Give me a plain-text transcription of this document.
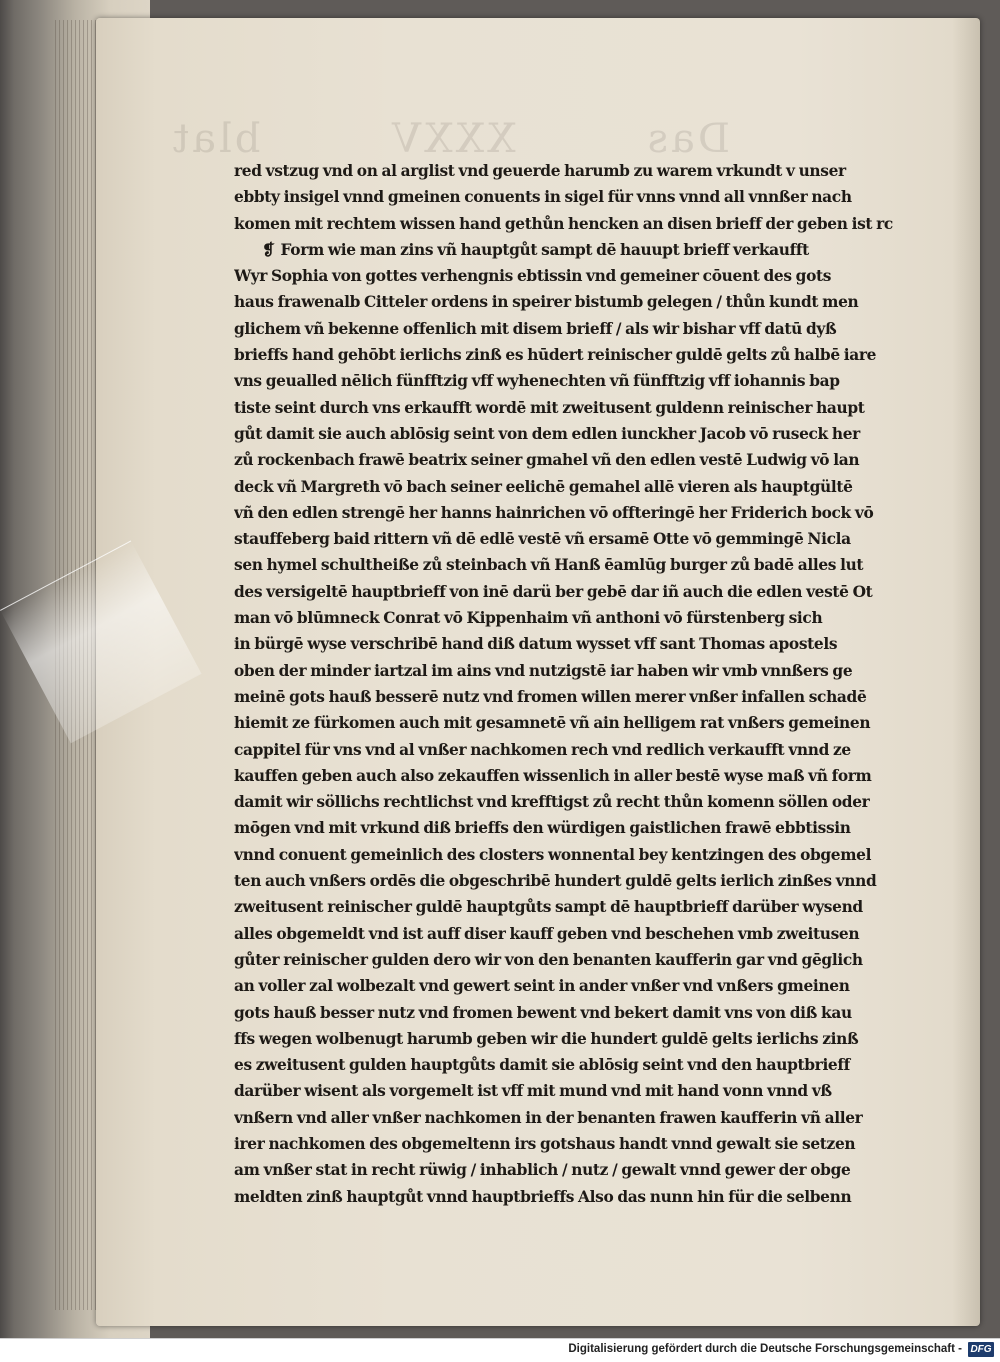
Das
XXXV
blat
red vstzug vnd on al arglist vnd geuerde harumb zu warem vrkundt v unser
ebbty insigel vnnd gmeinen conuents in sigel für vnns vnnd all vnnßer nach
komen mit rechtem wissen hand gethůn hencken an disen brieff der geben ist rc
❡ Form wie man zins vñ hauptgůt sampt dē hauupt brieff verkaufft
Wyr Sophia von gottes verhengnis ebtissin vnd gemeiner cōuent des gots
haus frawenalb Citteler ordens in speirer bistumb gelegen / thůn kundt men
glichem vñ bekenne offenlich mit disem brieff / als wir bishar vff datū dyß
brieffs hand gehōbt ierlichs zinß es hūdert reinischer guldē gelts zů halbē iare
vns geualled nēlich fünfftzig vff wyhenechten vñ fünfftzig vff iohannis bap
tiste seint durch vns erkaufft wordē mit zweitusent guldenn reinischer haupt
gůt damit sie auch ablōsig seint von dem edlen iunckher Jacob vō ruseck her
zů rockenbach frawē beatrix seiner gmahel vñ den edlen vestē Ludwig vō lan
deck vñ Margreth vō bach seiner eelichē gemahel allē vieren als hauptgültē
vñ den edlen strengē her hanns hainrichen vō offteringē her Friderich bock vō
stauffeberg baid rittern vñ dē edlē vestē vñ ersamē Otte vō gemmingē Nicla
sen hymel schultheiße zů steinbach vñ Hanß ēamlūg burger zů badē alles lut
des versigeltē hauptbrieff von inē darü ber gebē dar iñ auch die edlen vestē Ot
man vō blūmneck Conrat vō Kippenhaim vñ anthoni vō fürstenberg sich
in bürgē wyse verschribē hand diß datum wysset vff sant Thomas apostels
oben der minder iartzal im ains vnd nutzigstē iar haben wir vmb vnnßers ge
meinē gots hauß besserē nutz vnd fromen willen merer vnßer infallen schadē
hiemit ze fürkomen auch mit gesamnetē vñ ain helligem rat vnßers gemeinen
cappitel für vns vnd al vnßer nachkomen rech vnd redlich verkaufft vnnd ze
kauffen geben auch also zekauffen wissenlich in aller bestē wyse maß vñ form
damit wir söllichs rechtlichst vnd krefftigst zů recht thůn komenn söllen oder
mōgen vnd mit vrkund diß brieffs den würdigen gaistlichen frawē ebbtissin
vnnd conuent gemeinlich des closters wonnental bey kentzingen des obgemel
ten auch vnßers ordēs die obgeschribē hundert guldē gelts ierlich zinßes vnnd
zweitusent reinischer guldē hauptgůts sampt dē hauptbrieff darüber wysend
alles obgemeldt vnd ist auff diser kauff geben vnd beschehen vmb zweitusen
gůter reinischer gulden dero wir von den benanten kaufferin gar vnd gēglich
an voller zal wolbezalt vnd gewert seint in ander vnßer vnd vnßers gmeinen
gots hauß besser nutz vnd fromen bewent vnd bekert damit vns von diß kau
ffs wegen wolbenugt harumb geben wir die hundert guldē gelts ierlichs zinß
es zweitusent gulden hauptgůts damit sie ablōsig seint vnd den hauptbrieff
darüber wisent als vorgemelt ist vff mit mund vnd mit hand vonn vnnd vß
vnßern vnd aller vnßer nachkomen in der benanten frawen kaufferin vñ aller
irer nachkomen des obgemeltenn irs gotshaus handt vnnd gewalt sie setzen
am vnßer stat in recht rüwig / inhablich / nutz / gewalt vnnd gewer der obge
meldten zinß hauptgůt vnnd hauptbrieffs Also das nunn hin für die selbenn
Digitalisierung gefördert durch die Deutsche Forschungsgemeinschaft - DFG
